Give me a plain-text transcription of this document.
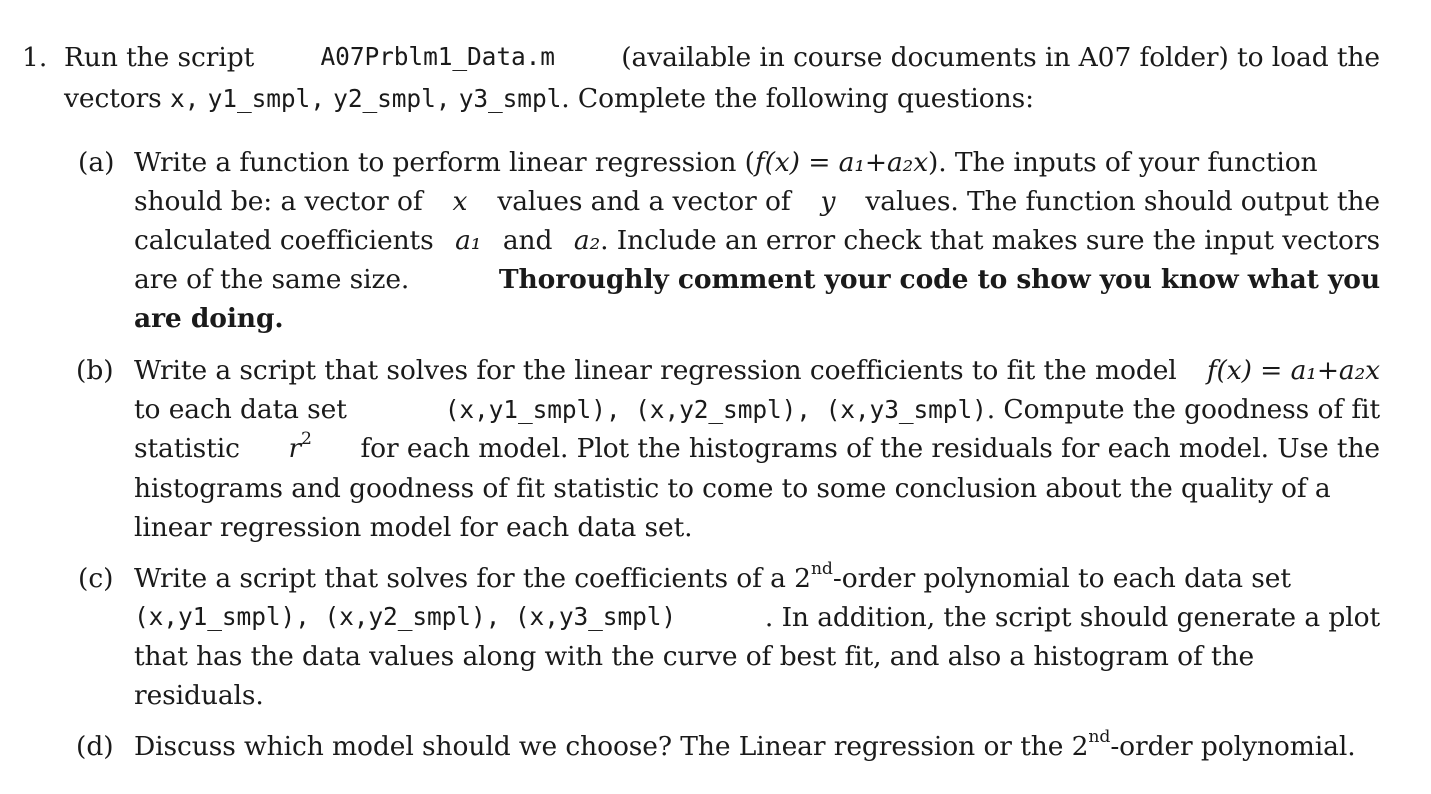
1. Run the script	A07Prblm1_Data.m	(available in course documents in A07 folder) to load the
vectors x, y1_smpl, y2_smpl, y3_smpl. Complete the following questions:
(a) Write a function to perform linear regression (f(x) = a₁+a₂x). The inputs of your function
should be: a vector of x values and a vector of y values. The function should output the
calculated coefficients a₁ and a₂. Include an error check that makes sure the input vectors
are of the same size.	Thoroughly comment your code to show you know what you
are doing.
(b) Write a script that solves for the linear regression coefficients to fit the model f(x) = a₁+a₂x
to each data set	(x,y1_smpl), (x,y2_smpl), (x,y3_smpl). Compute the goodness of fit
statistic $r^2$ for each model. Plot the histograms of the residuals for each model. Use the
histograms and goodness of fit statistic to come to some conclusion about the quality of a
linear regression model for each data set.
(c) Write a script that solves for the coefficients of a 2nd-order polynomial to each data set
(x,y1_smpl), (x,y2_smpl), (x,y3_smpl)	. In addition, the script should generate a plot
that has the data values along with the curve of best fit, and also a histogram of the
residuals.
(d) Discuss which model should we choose? The Linear regression or the 2nd-order polynomial.
